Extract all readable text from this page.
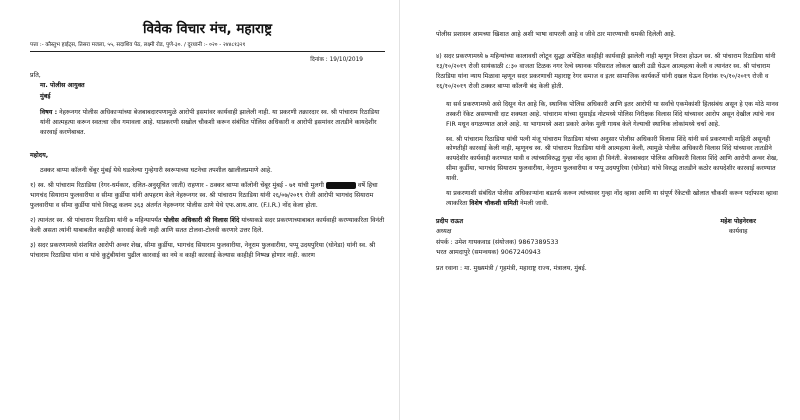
विवेक विचार मंच, महाराष्ट्र
पत्ता :- कौस्तुभ हाईट्स, तिसरा मजला, ५५, सदाशिव पेठ, लक्ष्मी रोड, पुणे-३०. / दूरध्वनी :- ०२० - २४४८१३२१
दिनांक : 19/10/2019
प्रति,
मा. पोलीस आयुक्त
मुंबई
विषय : नेहरूनगर पोलीस अधिकाऱ्यांच्या बेजबाबदारपणामुळे आरोपी इसमांवर कार्यवाही झालेली नाही. या प्रकरणी तक्रारदार स्व. श्री पांचाराम रिठाडिया यांनी आत्महत्या करून स्वतःचा जीव गमावला आहे. याप्रकरणी सखोल चौकशी करून संबंधित पोलिस अधिकारी व आरोपी इसमांवर तातडीने कायदेशीर कारवाई करणेबाबत.
महोदय,
ठक्कर बाप्पा कॉलनी चेंबूर मुंबई येथे घडलेल्या गुन्हेगारी स्वरूपाच्या घटनेचा तपशील खालीलप्रमाणे आहे.
१) स्व. श्री पांचाराम रिठाडिया (रेगर-धर्मकार, दलित-अनुसूचित जाती) राहणार - ठक्कर बाप्पा कॉलोनी चेंबूर मुंबई - ७१ यांची मुलगी	वर्षे हिचा भागचंद सियाराम फुलवारीया व सीमा कुर्डीया यांनी अपहरण केले नेहरूनगर स्व. श्री पांचाराम रिठाडिया यांनी २६/०७/२०१९ रोजी आरोपी भागचंद सियाराम फुलवारीया व सीमा कुर्डीया यांचे विरुद्ध कलम ३६३ अंतर्गत नेहरूनगर पोलीस ठाणे येथे एफ.आय.आर. (F.I.R.) नोंद केला होता.
२) त्यानंतर स्व. श्री पांचाराम रिठाडिया यांनी ७ महिन्यापर्यंत पोलीस अधिकारी श्री विलास शिंदे यांच्याकडे सदर प्रकरणाच्याबाबत कार्यवाही करण्याकरिता विनंती केली असता त्यांनी याबाबतीत काहीही कारवाई केली नाही आणि सतत टोलवा-टोलवी करणारे उत्तर दिले.
३) सदर प्रकरणामध्ये संशयित आरोपी अन्वर शेख, सीमा कुर्डीया, भागचंद सियाराम फुलवारीया, नेनूराम फुलवारीया, पप्पू उदयपुरिया (घोनेडा) यांनी स्व. श्री पांचाराम रिठाडिया यांना व यांचे कुटुंबीयांना पुढील कारवाई का नये व काही कारवाई केल्यास काहीही निष्पन्न होणार नाही. कारण
पोलीस प्रशासन आमच्या खिशात आहे अशी भाषा वापरली आहे व जीवे ठार मारण्याची धमकी दिलेली आहे.
४) सदर प्रकरणामध्ये ७ महिन्यांच्या कालावधी लोटून सुद्धा अपेक्षित काहीही कार्यवाही झालेली नाही म्हणून निराश होऊन स्व. श्री पांचाराम रिठाडिया यांनी १३/१०/२०१९ रोजी सायंकाळी ८:३० वाजता टिळक नगर रेल्वे स्थानक परिसरात लोकल खाली उडी घेऊन आत्महत्या केली व त्यानंतर स्व. श्री पांचाराम रिठाडिया यांना न्याय मिळावा म्हणून सदर प्रकरणाची महाराष्ट्र रेगर समाज व इतर सामाजिक कार्यकर्ते यांनी दखल घेऊन दिनांक १५/१०/२०१९ रोजी व १६/१०/२०१९ रोजी ठक्कर बाप्पा कॉलनी बंद केली होती.
या सर्व प्रकरणामध्ये असे दिसून येत आहे कि, स्थानिक पोलिस अधिकारी आणि इतर आरोपी या सर्वांचे एकमेकांशी हितसंबंध असून हे एक मोठे मानव तस्करी रॅकेट असण्याची दाट शक्यता आहे. पांचाराम यांच्या सुसाईड नोटमध्ये पोलिस निरीक्षक विलास शिंदे यांच्यावर आरोप असून देखील त्यांचे नाव FIR मधून वगळण्यात आले आहे. या भागामध्ये अशा प्रकारे अनेक मुली गायब केले गेल्याची स्थानिक लोकांमध्ये चर्चा आहे.
स्व. श्री पांचाराम रिठाडिया यांची पत्नी मंजू पांचाराम रिठाडिया यांच्या अनुसार पोलीस अधिकारी विलास शिंदे यांनी सर्व प्रकरणाची माहिती असूनही कोणतीही कारवाई केली नाही, म्हणूनच स्व. श्री पांचाराम रिठाडिया यांनी आत्महत्या केली, त्यामुळे पोलीस अधिकारी विलास शिंदे यांच्यावर तातडीने कायदेशीर कार्यवाही करण्यात यावी व त्यांच्याविरुद्ध गुन्हा नोंद व्हावा ही विनंती. बेजबाबदार पोलिस अधिकारी विलास शिंदे आणि आरोपी अन्वर शेख, सीमा कुर्डीया, भागचंद सियाराम फुलवारीया, नेनूराम फुलवारीया व पप्पू उदयपुरिया (घोनेडा) यांचे विरुद्ध तातडीने कठोर कायदेशीर कारवाई करण्यात यावी.
या प्रकरणाशी संबंधित पोलीस अधिकाऱ्यांना बडतर्फ करून त्यांच्यावर गुन्हा नोंद व्हावा आणि या संपूर्ण रॅकेटची खोलात चौकशी करून पर्दाफाश व्हावा त्याकरिता विशेष चौकशी समिती नेमली जावी.
प्रदीप राऊत
अध्यक्ष
महेश पोहनेरकर
कार्यवाह
संपर्क : उमेश गायकवाड (संयोजक) 9867389533
भरत आमदापुरे (समन्वयक) 9067240943
प्रत रवाना : मा. मुख्यमंत्री / गृहमंत्री, महाराष्ट्र राज्य, मंत्रालय, मुंबई.
